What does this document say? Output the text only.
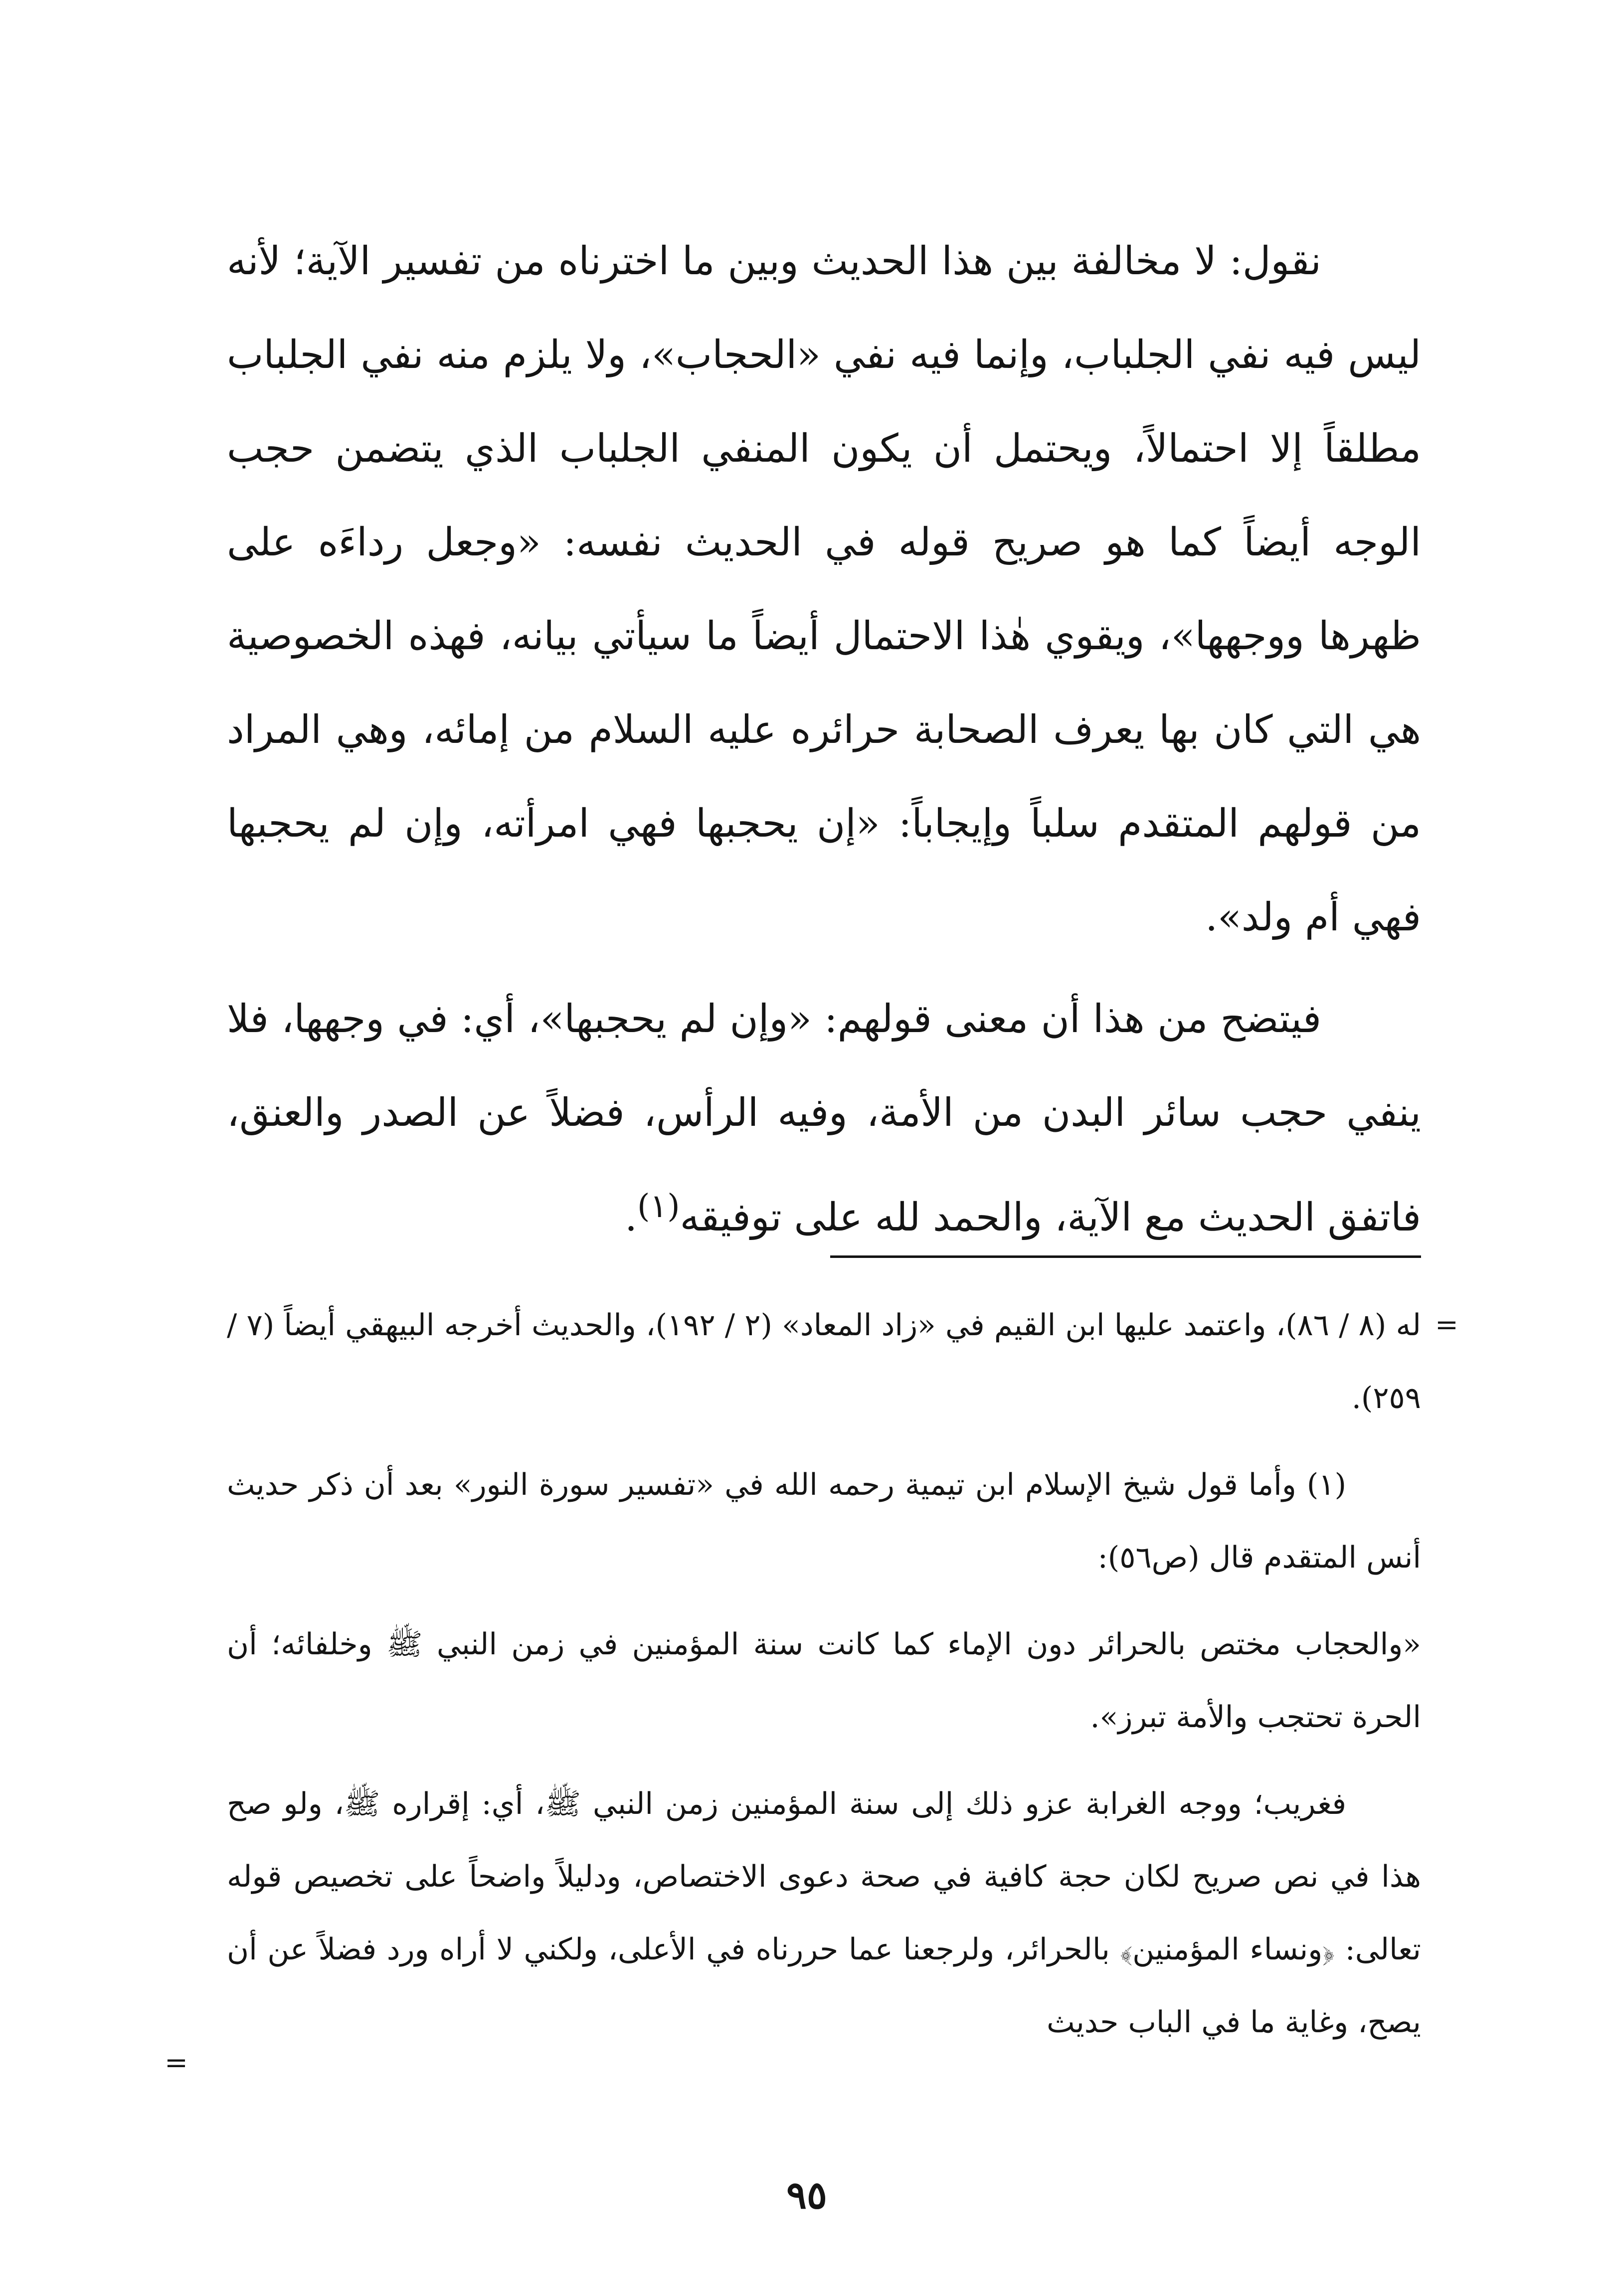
نقول: لا مخالفة بين هذا الحديث وبين ما اخترناه من تفسير الآية؛ لأنه ليس فيه نفي الجلباب، وإنما فيه نفي «الحجاب»، ولا يلزم منه نفي الجلباب مطلقاً إلا احتمالاً، ويحتمل أن يكون المنفي الجلباب الذي يتضمن حجب الوجه أيضاً كما هو صريح قوله في الحديث نفسه: «وجعل رداءَه على ظهرها ووجهها»، ويقوي هٰذا الاحتمال أيضاً ما سيأتي بيانه، فهذه الخصوصية هي التي كان بها يعرف الصحابة حرائره عليه السلام من إمائه، وهي المراد من قولهم المتقدم سلباً وإيجاباً: «إن يحجبها فهي امرأته، وإن لم يحجبها فهي أم ولد».

فيتضح من هذا أن معنى قولهم: «وإن لم يحجبها»، أي: في وجهها، فلا ينفي حجب سائر البدن من الأمة، وفيه الرأس، فضلاً عن الصدر والعنق، فاتفق الحديث مع الآية، والحمد لله على توفيقه$^{(١)}$.

=

له (٨ / ٨٦)، واعتمد عليها ابن القيم في «زاد المعاد» (٢ / ١٩٢)، والحديث أخرجه البيهقي أيضاً (٧ / ٢٥٩).

(١) وأما قول شيخ الإسلام ابن تيمية رحمه الله في «تفسير سورة النور» بعد أن ذكر حديث أنس المتقدم قال (ص٥٦):

«والحجاب مختص بالحرائر دون الإماء كما كانت سنة المؤمنين في زمن النبي ﷺ وخلفائه؛ أن الحرة تحتجب والأمة تبرز».

فغريب؛ ووجه الغرابة عزو ذلك إلى سنة المؤمنين زمن النبي ﷺ، أي: إقراره ﷺ، ولو صح هذا في نص صريح لكان حجة كافية في صحة دعوى الاختصاص، ودليلاً واضحاً على تخصيص قوله تعالى: ﴿ونساء المؤمنين﴾ بالحرائر، ولرجعنا عما حررناه في الأعلى، ولكني لا أراه ورد فضلاً عن أن يصح، وغاية ما في الباب حديث

=
٩٥
